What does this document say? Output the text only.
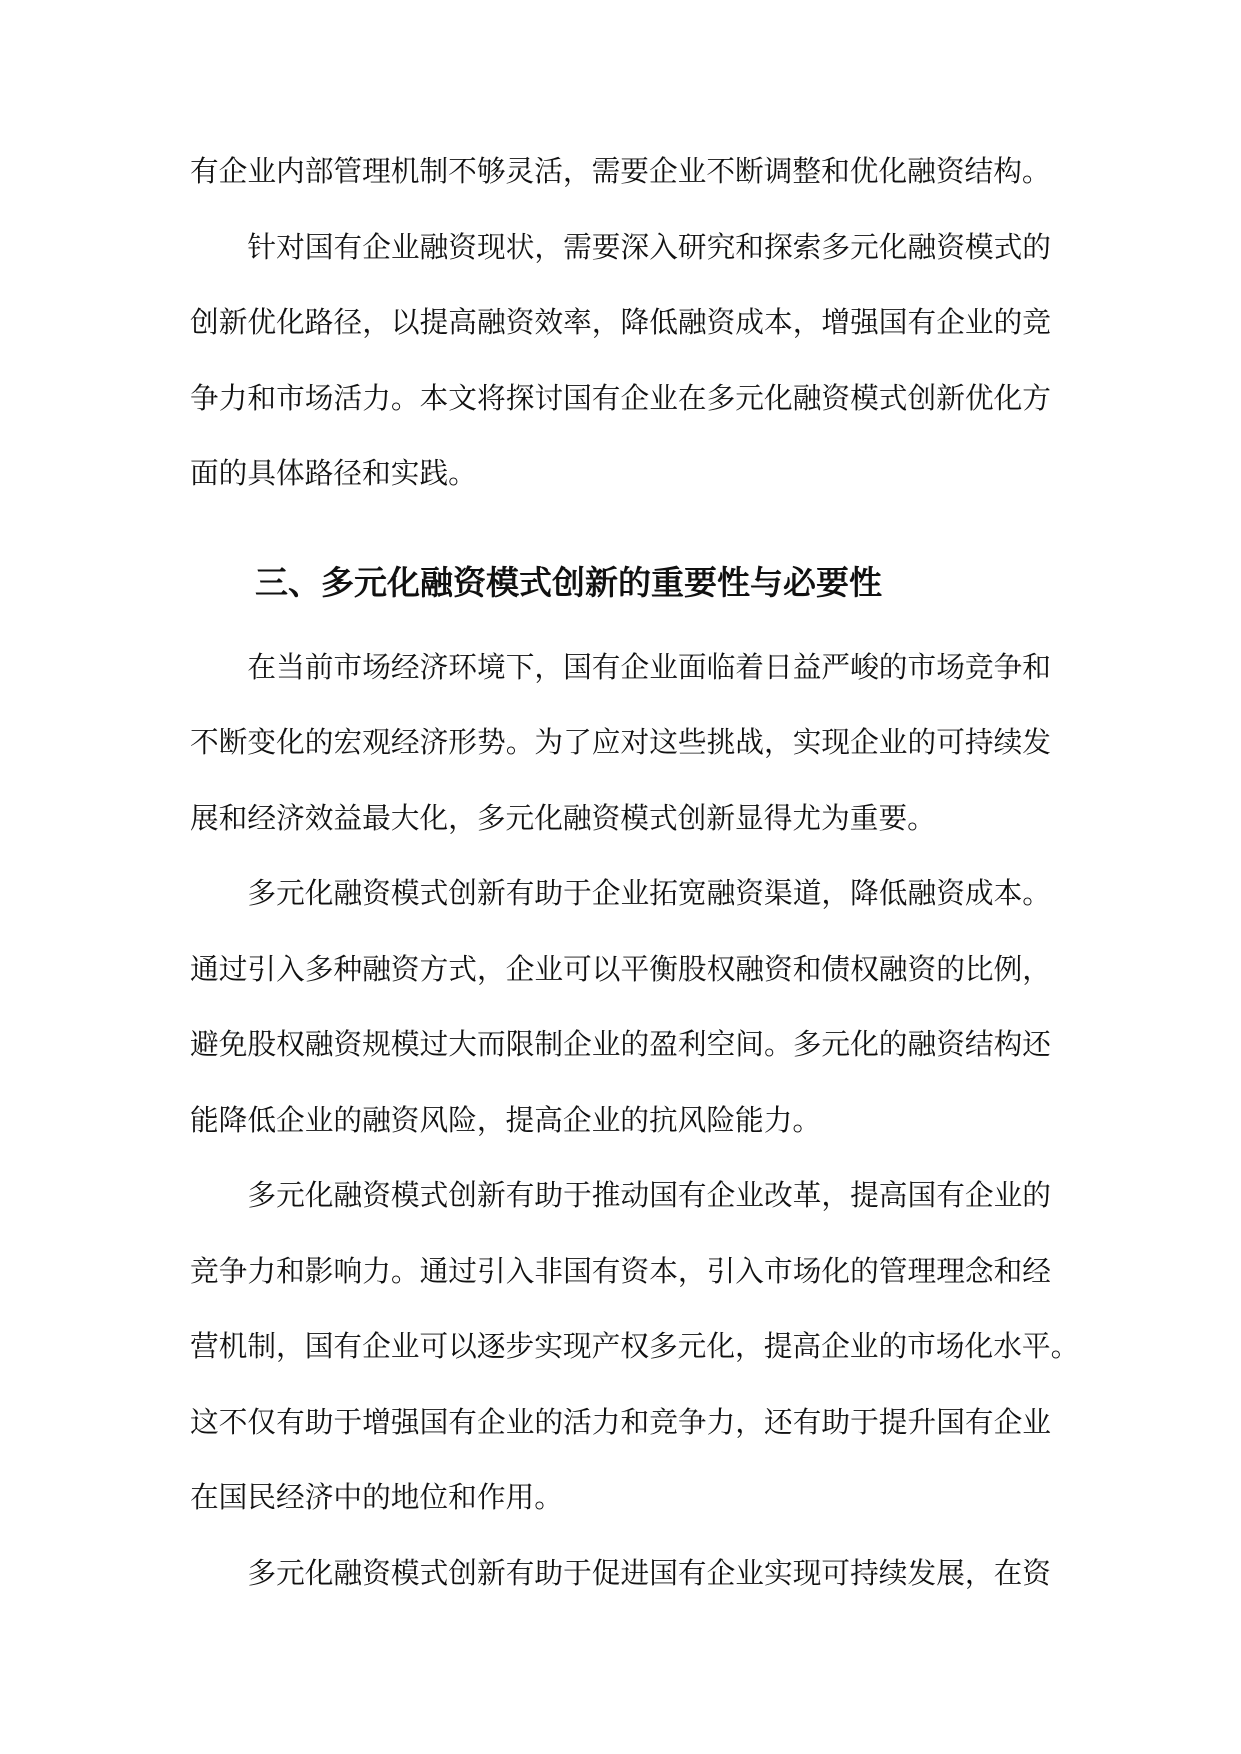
有企业内部管理机制不够灵活，需要企业不断调整和优化融资结构。

针对国有企业融资现状，需要深入研究和探索多元化融资模式的
创新优化路径，以提高融资效率，降低融资成本，增强国有企业的竞
争力和市场活力。本文将探讨国有企业在多元化融资模式创新优化方
面的具体路径和实践。

三、多元化融资模式创新的重要性与必要性

在当前市场经济环境下，国有企业面临着日益严峻的市场竞争和
不断变化的宏观经济形势。为了应对这些挑战，实现企业的可持续发
展和经济效益最大化，多元化融资模式创新显得尤为重要。

多元化融资模式创新有助于企业拓宽融资渠道，降低融资成本。
通过引入多种融资方式，企业可以平衡股权融资和债权融资的比例，
避免股权融资规模过大而限制企业的盈利空间。多元化的融资结构还
能降低企业的融资风险，提高企业的抗风险能力。

多元化融资模式创新有助于推动国有企业改革，提高国有企业的
竞争力和影响力。通过引入非国有资本，引入市场化的管理理念和经
营机制，国有企业可以逐步实现产权多元化，提高企业的市场化水平。
这不仅有助于增强国有企业的活力和竞争力，还有助于提升国有企业
在国民经济中的地位和作用。

多元化融资模式创新有助于促进国有企业实现可持续发展，在资
